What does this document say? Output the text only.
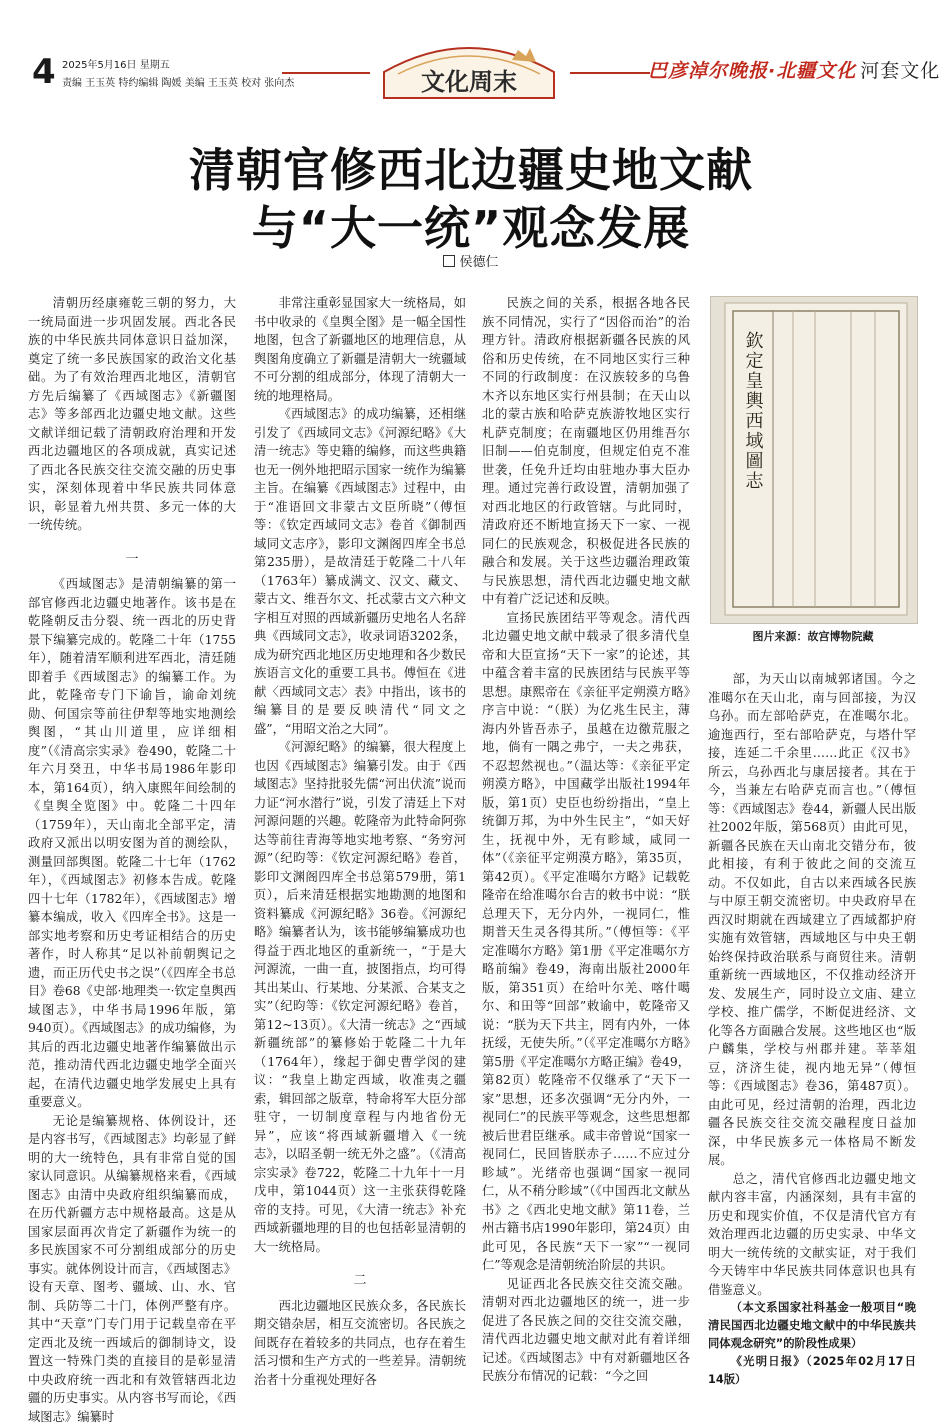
4 2025年5月16日 星期五
责编 王玉英 特约编辑 陶媛 美编 王玉英 校对 张向杰	文化周末	巴彦淖尔晚报·北疆文化 河套文化
清朝官修西北边疆史地文献
与“大一统”观念发展
侯德仁

清朝历经康雍乾三朝的努力，大一统局面进一步巩固发展。西北各民族的中华民族共同体意识日益加深，奠定了统一多民族国家的政治文化基础。为了有效治理西北地区，清朝官方先后编纂了《西域图志》《新疆图志》等多部西北边疆史地文献。这些文献详细记载了清朝政府治理和开发西北边疆地区的各项成就，真实记述了西北各民族交往交流交融的历史事实，深刻体现着中华民族共同体意识，彰显着九州共贯、多元一体的大一统传统。

一

《西域图志》是清朝编纂的第一部官修西北边疆史地著作。该书是在乾隆朝反击分裂、统一西北的历史背景下编纂完成的。乾隆二十年（1755年），随着清军顺利进军西北，清廷随即着手《西域图志》的编纂工作。为此，乾隆帝专门下谕旨，谕命刘统勋、何国宗等前往伊犁等地实地测绘舆图，“其山川道里，应详细相度”（《清高宗实录》卷490，乾隆二十年六月癸丑，中华书局1986年影印本，第164页），纳入康熙年间绘制的《皇舆全览图》中。乾隆二十四年（1759年），天山南北全部平定，清政府又派出以明安图为首的测绘队，测量回部舆图。乾隆二十七年（1762年），《西域图志》初修本告成。乾隆四十七年（1782年），《西域图志》增纂本编成，收入《四库全书》。这是一部实地考察和历史考证相结合的历史著作，时人称其“足以补前朝舆记之遗，而正历代史书之误”（《四库全书总目》卷68《史部·地理类一·钦定皇舆西域图志》，中华书局1996年版，第940页）。《西域图志》的成功编修，为其后的西北边疆史地著作编纂做出示范，推动清代西北边疆史地学全面兴起，在清代边疆史地学发展史上具有重要意义。

无论是编纂规格、体例设计，还是内容书写，《西域图志》均彰显了鲜明的大一统特色，具有非常自觉的国家认同意识。从编纂规格来看，《西域图志》由清中央政府组织编纂而成，在历代新疆方志中规格最高。这是从国家层面再次肯定了新疆作为统一的多民族国家不可分割组成部分的历史事实。就体例设计而言，《西域图志》设有天章、图考、疆域、山、水、官制、兵防等二十门，体例严整有序。其中“天章”门专门用于记载皇帝在平定西北及统一西域后的御制诗文，设置这一特殊门类的直接目的是彰显清中央政府统一西北和有效管辖西北边疆的历史事实。从内容书写而论，《西域图志》编纂时

非常注重彰显国家大一统格局，如书中收录的《皇舆全图》是一幅全国性地图，包含了新疆地区的地理信息，从舆图角度确立了新疆是清朝大一统疆域不可分割的组成部分，体现了清朝大一统的地理格局。

《西域图志》的成功编纂，还相继引发了《西域同文志》《河源纪略》《大清一统志》等史籍的编修，而这些典籍也无一例外地把昭示国家一统作为编纂主旨。在编纂《西域图志》过程中，由于“准语回文非蒙古文臣所晓”（傅恒等：《钦定西域同文志》卷首《御制西域同文志序》，影印文渊阁四库全书总第235册），是故清廷于乾隆二十八年（1763年）纂成满文、汉文、藏文、蒙古文、维吾尔文、托忒蒙古文六种文字相互对照的西域新疆历史地名人名辞典《西域同文志》，收录词语3202条，成为研究西北地区历史地理和各少数民族语言文化的重要工具书。傅恒在《进献〈西域同文志〉表》中指出，该书的编纂目的是要反映清代“同文之盛”，“用昭文治之大同”。

《河源纪略》的编纂，很大程度上也因《西域图志》编纂引发。由于《西域图志》坚持批驳先儒“河出伏流”说而力证“河水潜行”说，引发了清廷上下对河源问题的兴趣。乾隆帝为此特命阿弥达等前往青海等地实地考察、“务穷河源”（纪昀等：《钦定河源纪略》卷首，影印文渊阁四库全书总第579册，第1页），后来清廷根据实地勘测的地图和资料纂成《河源纪略》36卷。《河源纪略》编纂者认为，该书能够编纂成功也得益于西北地区的重新统一，“于是大河源流，一曲一直，披图指点，均可得其出某山、行某地、分某派、合某支之实”（纪昀等：《钦定河源纪略》卷首，第12~13页）。《大清一统志》之“西域新疆统部”的纂修始于乾隆二十九年（1764年），缘起于御史曹学闵的建议：“我皇上勘定西域，收准夷之疆索，辑回部之版章，特命将军大臣分部驻守，一切制度章程与内地省份无异”，应该“将西域新疆增入《一统志》，以昭圣朝一统无外之盛”。（《清高宗实录》卷722，乾隆二十九年十一月戊申，第1044页）这一主张获得乾隆帝的支持。可见，《大清一统志》补充西域新疆地理的目的也包括彰显清朝的大一统格局。

二

西北边疆地区民族众多，各民族长期交错杂居，相互交流密切。各民族之间既存在着较多的共同点，也存在着生活习惯和生产方式的一些差异。清朝统治者十分重视处理好各

民族之间的关系，根据各地各民族不同情况，实行了“因俗而治”的治理方针。清政府根据新疆各民族的风俗和历史传统，在不同地区实行三种不同的行政制度：在汉族较多的乌鲁木齐以东地区实行州县制；在天山以北的蒙古族和哈萨克族游牧地区实行札萨克制度；在南疆地区仍用维吾尔旧制——伯克制度，但规定伯克不准世袭，任免升迁均由驻地办事大臣办理。通过完善行政设置，清朝加强了对西北地区的行政管辖。与此同时，清政府还不断地宣扬天下一家、一视同仁的民族观念，积极促进各民族的融合和发展。关于这些边疆治理政策与民族思想，清代西北边疆史地文献中有着广泛记述和反映。

宣扬民族团结平等观念。清代西北边疆史地文献中载录了很多清代皇帝和大臣宣扬“天下一家”的论述，其中蕴含着丰富的民族团结与民族平等思想。康熙帝在《亲征平定朔漠方略》序言中说：“（朕）为亿兆生民主，薄海内外皆吾赤子，虽越在边徼荒服之地，倘有一隅之弗宁，一夫之弗获，不忍恝然视也。”（温达等：《亲征平定朔漠方略》，中国藏学出版社1994年版，第1页）史臣也纷纷指出，“皇上统御万邦，为中外生民主”，“如天好生，抚视中外，无有畛域，咸同一体”（《亲征平定朔漠方略》，第35页，第42页）。《平定准噶尔方略》记载乾隆帝在给准噶尔台吉的敕书中说：“朕总理天下，无分内外，一视同仁，惟期普天生灵各得其所。”（傅恒等：《平定准噶尔方略》第1册《平定准噶尔方略前编》卷49，海南出版社2000年版，第351页）在给叶尔羌、喀什噶尔、和田等“回部”敕谕中，乾隆帝又说：“朕为天下共主，罔有内外，一体抚绥，无使失所。”（《平定准噶尔方略》第5册《平定准噶尔方略正编》卷49，第82页）乾隆帝不仅继承了“天下一家”思想，还多次强调“无分内外，一视同仁”的民族平等观念，这些思想都被后世君臣继承。咸丰帝曾说“国家一视同仁，民回皆朕赤子……不应过分畛域”。光绪帝也强调“国家一视同仁，从不稍分畛域”（《中国西北文献丛书》之《西北史地文献》第11卷，兰州古籍书店1990年影印，第24页）由此可见，各民族“天下一家”“一视同仁”等观念是清朝统治阶层的共识。

见证西北各民族交往交流交融。清朝对西北边疆地区的统一，进一步促进了各民族之间的交往交流交融，清代西北边疆史地文献对此有着详细记述。《西域图志》中有对新疆地区各民族分布情况的记载：“今之回

欽定皇輿西域圖志
图片来源：故宫博物院藏

部，为天山以南城郭诸国。今之准噶尔在天山北，南与回部接，为汉乌孙。而左部哈萨克，在准噶尔北。逾迤西行，至右部哈萨克，与塔什罕接，连延二千余里……此正《汉书》所云，乌孙西北与康居接者。其在于今，当兼左右哈萨克而言也。”（傅恒等：《西域图志》卷44，新疆人民出版社2002年版，第568页）由此可见，新疆各民族在天山南北交错分布，彼此相接，有利于彼此之间的交流互动。不仅如此，自古以来西域各民族与中原王朝交流密切。中央政府早在西汉时期就在西域建立了西域都护府实施有效管辖，西域地区与中央王朝始终保持政治联系与商贸往来。清朝重新统一西域地区，不仅推动经济开发、发展生产，同时设立文庙、建立学校、推广儒学，不断促进经济、文化等各方面融合发展。这些地区也“版户麟集，学校与州郡并建。莘莘俎豆，济济生徒，视内地无异”（傅恒等：《西域图志》卷36，第487页）。由此可见，经过清朝的治理，西北边疆各民族交往交流交融程度日益加深，中华民族多元一体格局不断发展。

总之，清代官修西北边疆史地文献内容丰富，内涵深刻，具有丰富的历史和现实价值，不仅是清代官方有效治理西北边疆的历史实录、中华文明大一统传统的文献实证，对于我们今天铸牢中华民族共同体意识也具有借鉴意义。

（本文系国家社科基金一般项目“晚清民国西北边疆史地文献中的中华民族共同体观念研究”的阶段性成果）

《光明日报》（2025年02月17日14版）
